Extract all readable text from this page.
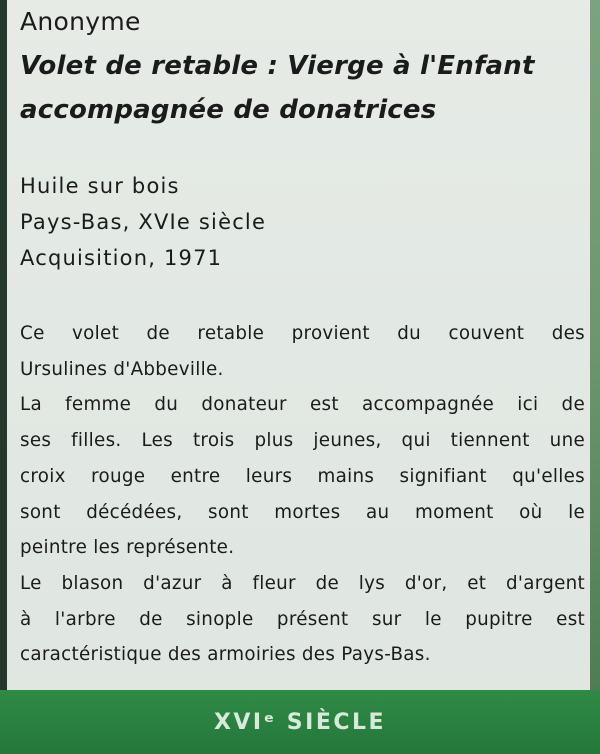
Anonyme
Volet de retable : Vierge à l'Enfant
accompagnée de donatrices
Huile sur bois
Pays-Bas, XVIe siècle
Acquisition, 1971
Ce volet de retable provient du couvent des
Ursulines d'Abbeville.
La femme du donateur est accompagnée ici de
ses filles. Les trois plus jeunes, qui tiennent une
croix rouge entre leurs mains signifiant qu'elles
sont décédées, sont mortes au moment où le
peintre les représente.
Le blason d'azur à fleur de lys d'or, et d'argent
à l'arbre de sinople présent sur le pupitre est
caractéristique des armoiries des Pays-Bas.
XVIᵉ SIÈCLE
